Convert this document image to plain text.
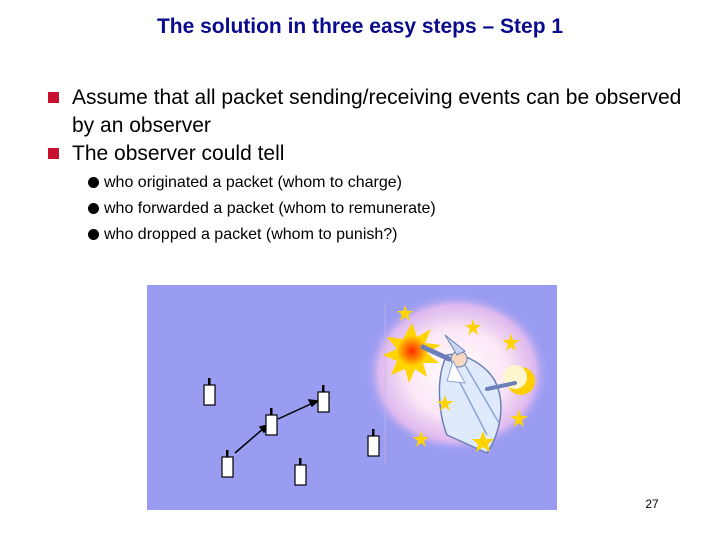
The solution in three easy steps – Step 1
Assume that all packet sending/receiving events can be observed by an observer
The observer could tell
who originated a packet (whom to charge)
who forwarded a packet (whom to remunerate)
who dropped a packet (whom to punish?)
27
